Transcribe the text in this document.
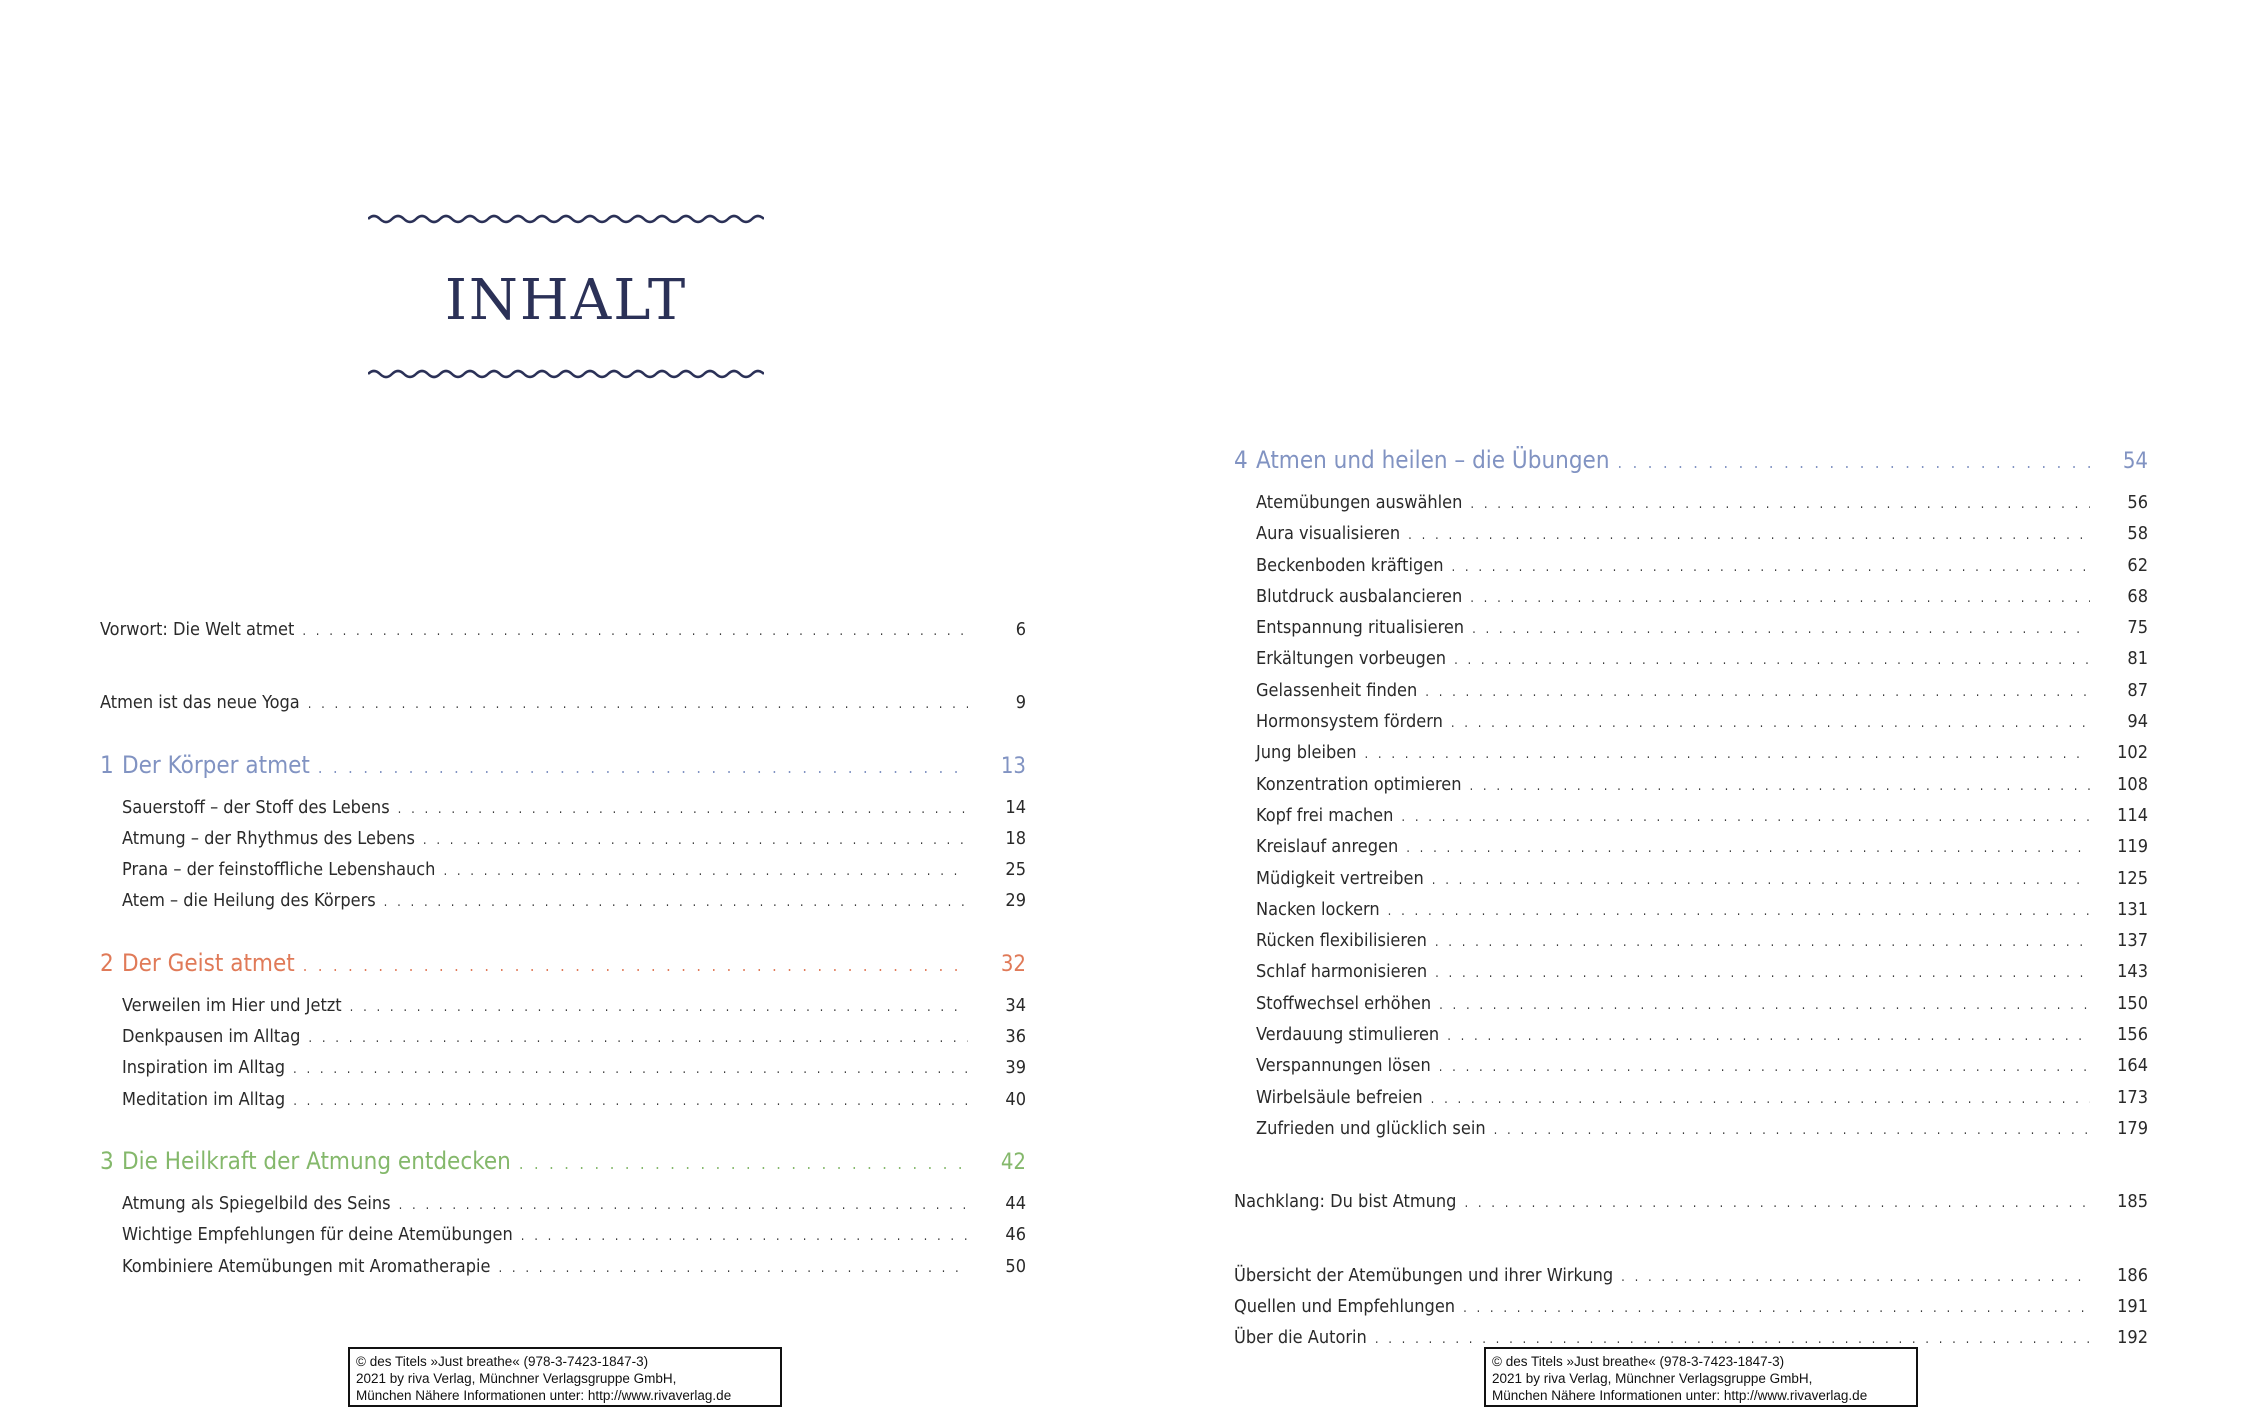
INHALT
Vorwort: Die Welt atmet . . .	6
Atmen ist das neue Yoga . . .	9
1 Der Körper atmet . . .	13
Sauerstoff – der Stoff des Lebens . . .	14
Atmung – der Rhythmus des Lebens . . .	18
Prana – der feinstoffliche Lebenshauch . . .	25
Atem – die Heilung des Körpers . . .	29
2 Der Geist atmet . . .	32
Verweilen im Hier und Jetzt . . .	34
Denkpausen im Alltag . . .	36
Inspiration im Alltag . . .	39
Meditation im Alltag . . .	40
3 Die Heilkraft der Atmung entdecken . . .	42
Atmung als Spiegelbild des Seins . . .	44
Wichtige Empfehlungen für deine Atemübungen . . .	46
Kombiniere Atemübungen mit Aromatherapie . . .	50
© des Titels »Just breathe« (978-3-7423-1847-3)
2021 by riva Verlag, Münchner Verlagsgruppe GmbH,
München Nähere Informationen unter: http://www.rivaverlag.de
4 Atmen und heilen – die Übungen . . .	54
Atemübungen auswählen . . .	56
Aura visualisieren . . .	58
Beckenboden kräftigen . . .	62
Blutdruck ausbalancieren . . .	68
Entspannung ritualisieren . . .	75
Erkältungen vorbeugen . . .	81
Gelassenheit finden . . .	87
Hormonsystem fördern . . .	94
Jung bleiben . . .	102
Konzentration optimieren . . .	108
Kopf frei machen . . .	114
Kreislauf anregen . . .	119
Müdigkeit vertreiben . . .	125
Nacken lockern . . .	131
Rücken flexibilisieren . . .	137
Schlaf harmonisieren . . .	143
Stoffwechsel erhöhen . . .	150
Verdauung stimulieren . . .	156
Verspannungen lösen . . .	164
Wirbelsäule befreien . . .	173
Zufrieden und glücklich sein . . .	179
Nachklang: Du bist Atmung . . .	185
Übersicht der Atemübungen und ihrer Wirkung . . .	186
Quellen und Empfehlungen . . .	191
Über die Autorin . . .	192
© des Titels »Just breathe« (978-3-7423-1847-3)
2021 by riva Verlag, Münchner Verlagsgruppe GmbH,
München Nähere Informationen unter: http://www.rivaverlag.de
